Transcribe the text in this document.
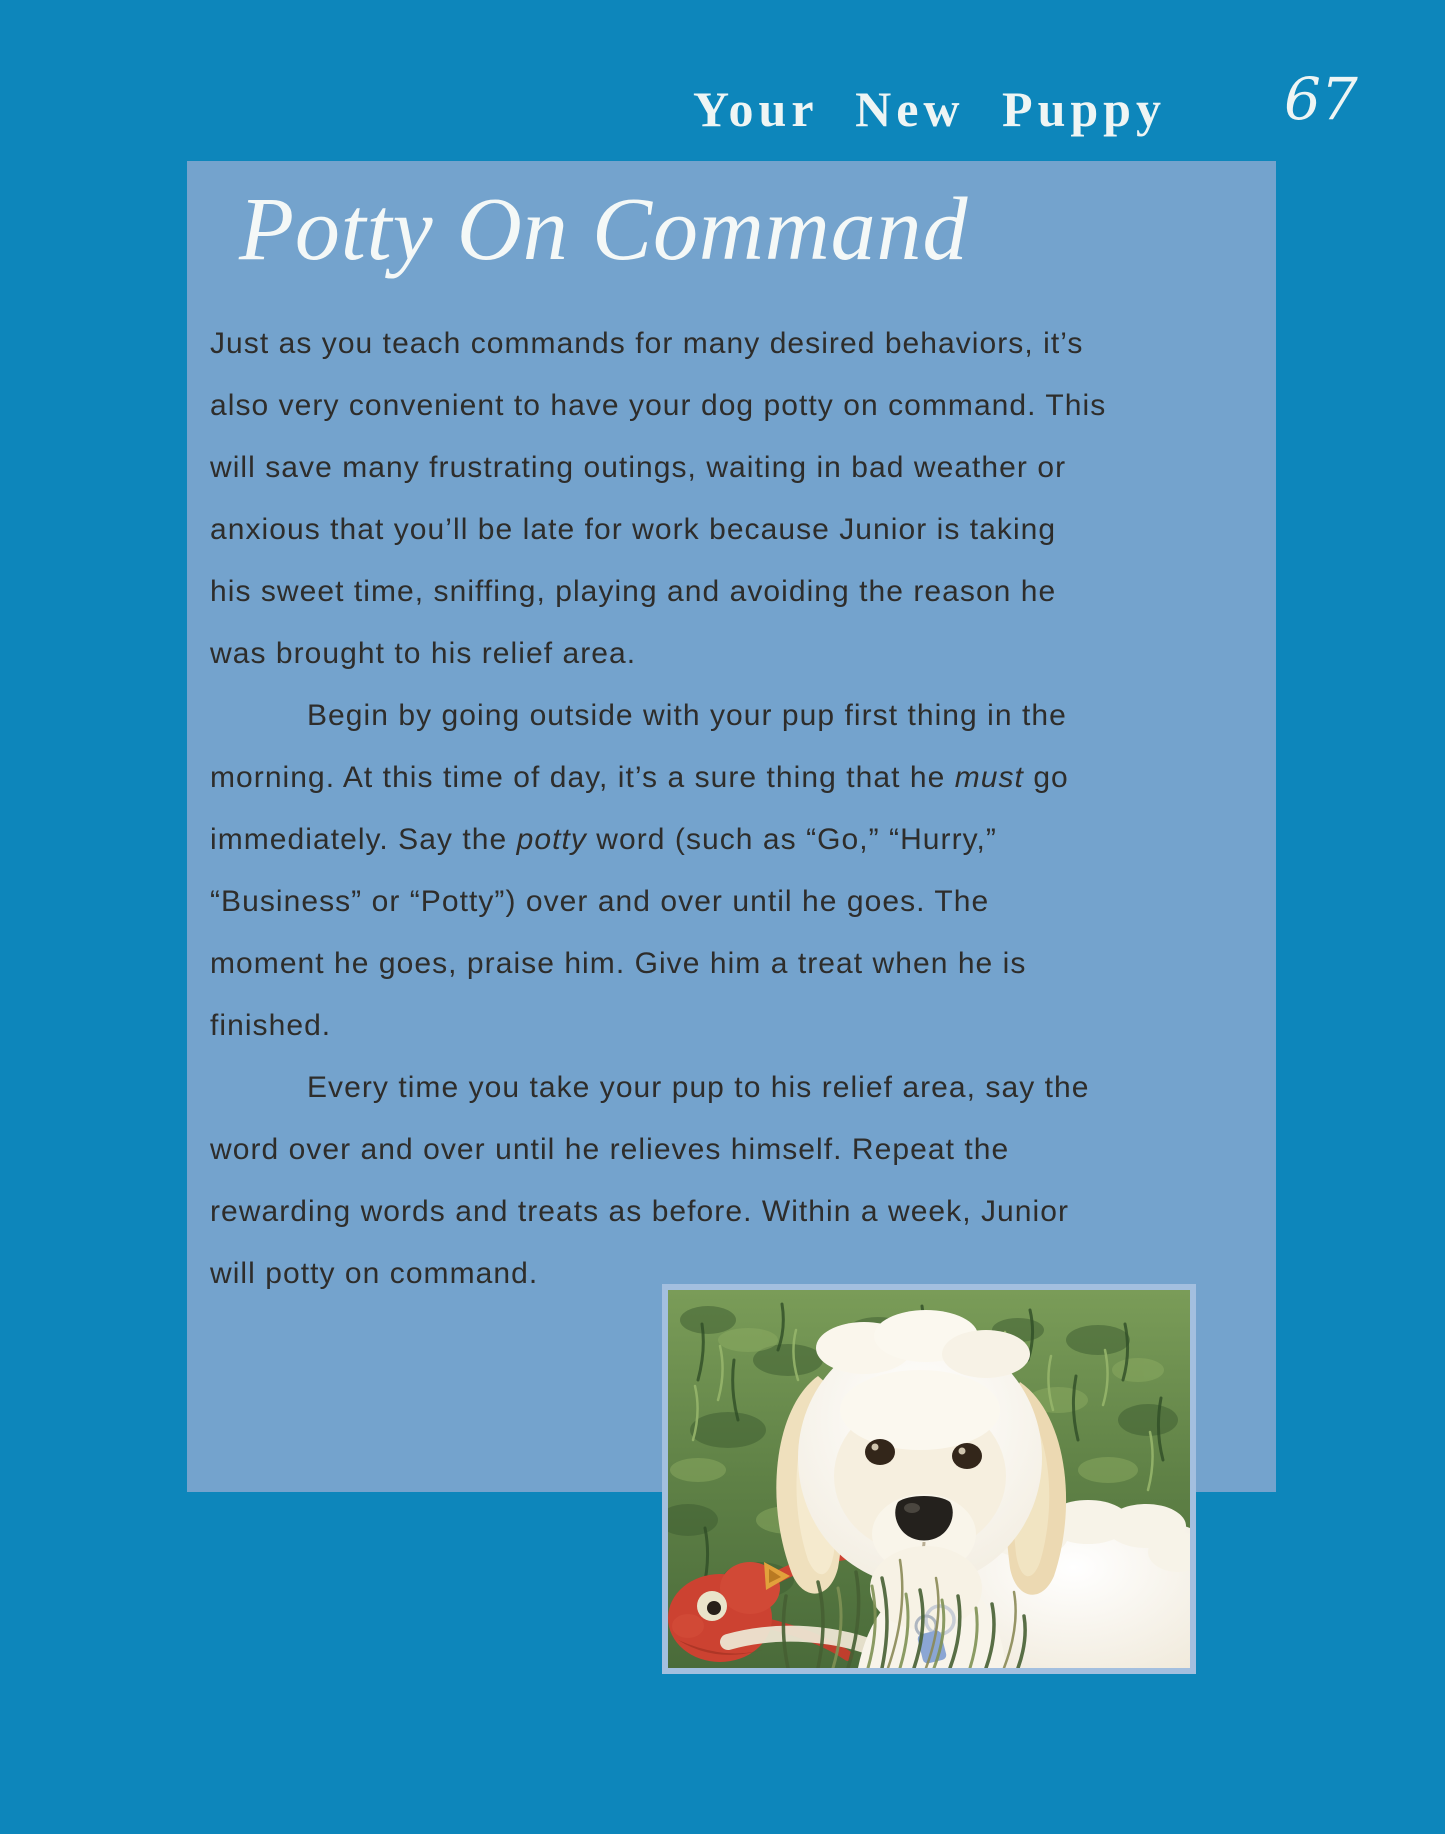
Your New Puppy 67
Potty On Command

Just as you teach commands for many desired behaviors, it’s
also very convenient to have your dog potty on command. This
will save many frustrating outings, waiting in bad weather or
anxious that you’ll be late for work because Junior is taking
his sweet time, sniffing, playing and avoiding the reason he
was brought to his relief area.

Begin by going outside with your pup first thing in the
morning. At this time of day, it’s a sure thing that he must go
immediately. Say the potty word (such as “Go,” “Hurry,”
“Business” or “Potty”) over and over until he goes. The
moment he goes, praise him. Give him a treat when he is
finished.

Every time you take your pup to his relief area, say the
word over and over until he relieves himself. Repeat the
rewarding words and treats as before. Within a week, Junior
will potty on command.
